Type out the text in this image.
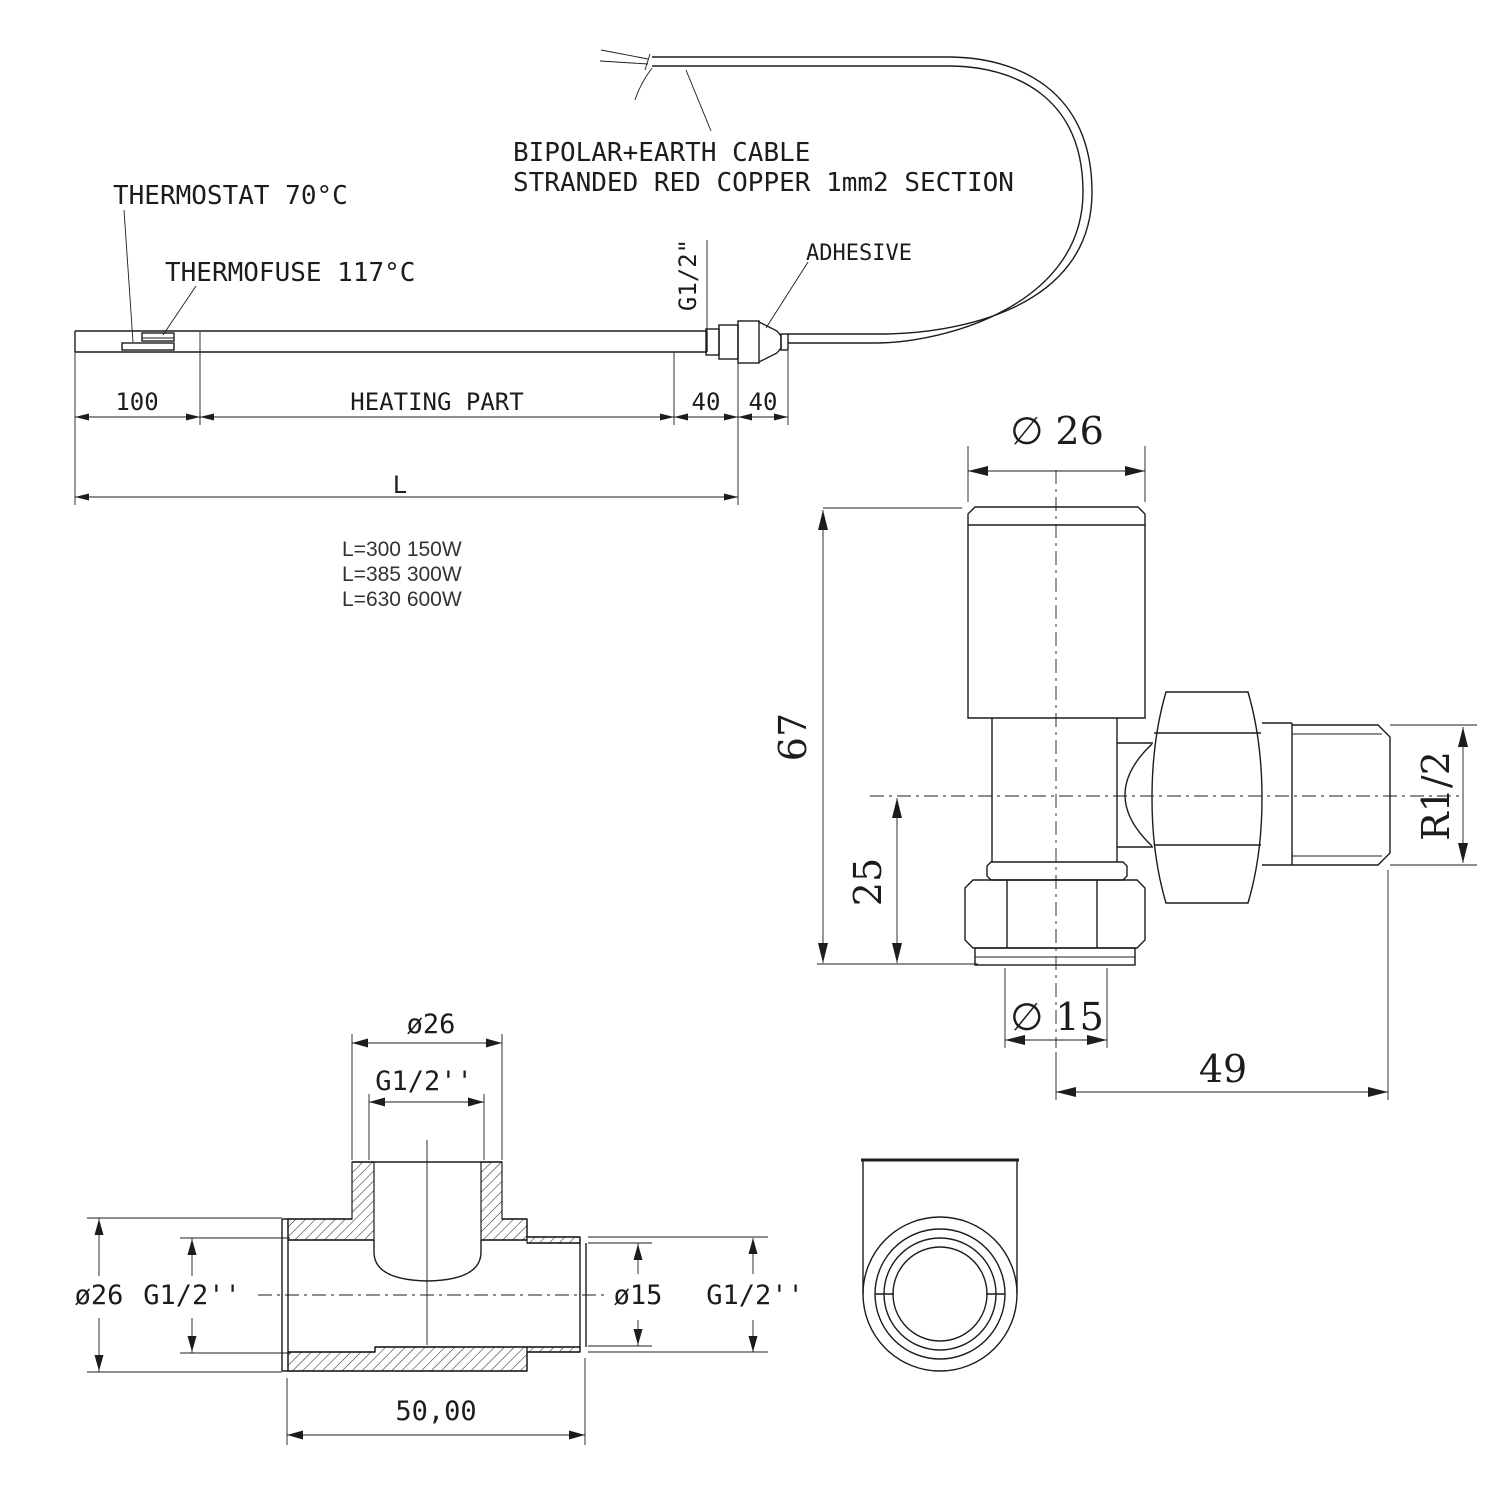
THERMOSTAT 70°C
THERMOFUSE 117°C
100	HEATING PART	40 40
L
G1/2"	ADHESIVE
BIPOLAR+EARTH CABLE
STRANDED RED COPPER 1mm2 SECTION
L=300 150W
L=385 300W
L=630 600W
∅ 26
67
25
R1/2
∅ 15
49
ø26
G1/2''
ø26 G1/2''	ø15 G1/2''
50,00
